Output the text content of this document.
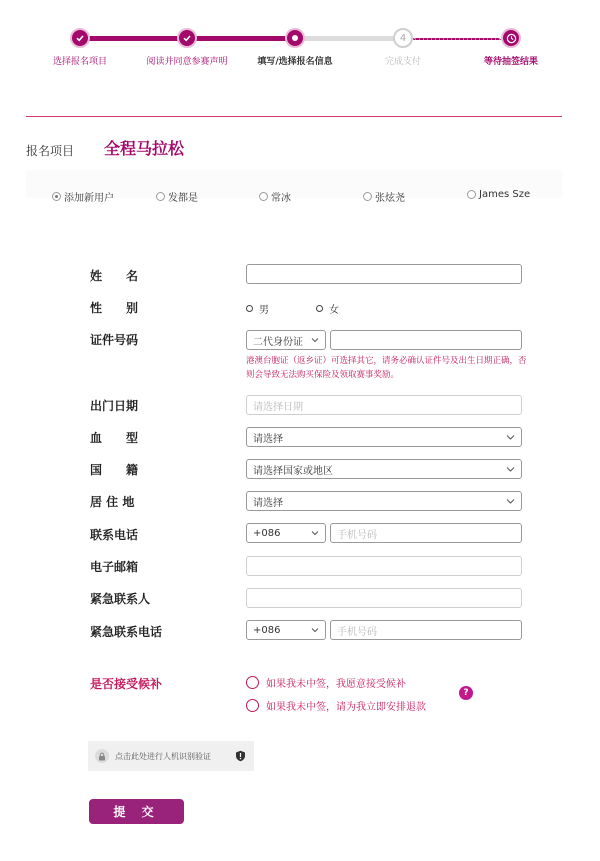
4
选择报名项目	阅读并同意参赛声明	填写/选择报名信息	完成支付	等待抽签结果
报名项目 全程马拉松
添加新用户	发都是	常冰	张炫尧	James Sze
姓　　名
性　　别	男	女
证件号码	二代身份证
港澳台胞证（返乡证）可选择其它，请务必确认证件号及出生日期正确，否则会导致无法购买保险及领取赛事奖励。
出门日期	请选择日期
血　　型	请选择
国　　籍	请选择国家或地区
居 住 地	请选择
联系电话	+086	手机号码
电子邮箱
紧急联系人
紧急联系电话	+086	手机号码
是否接受候补	如果我未中签，我愿意接受候补
如果我未中签，请为我立即安排退款
?
点击此处进行人机识别验证
提 交
